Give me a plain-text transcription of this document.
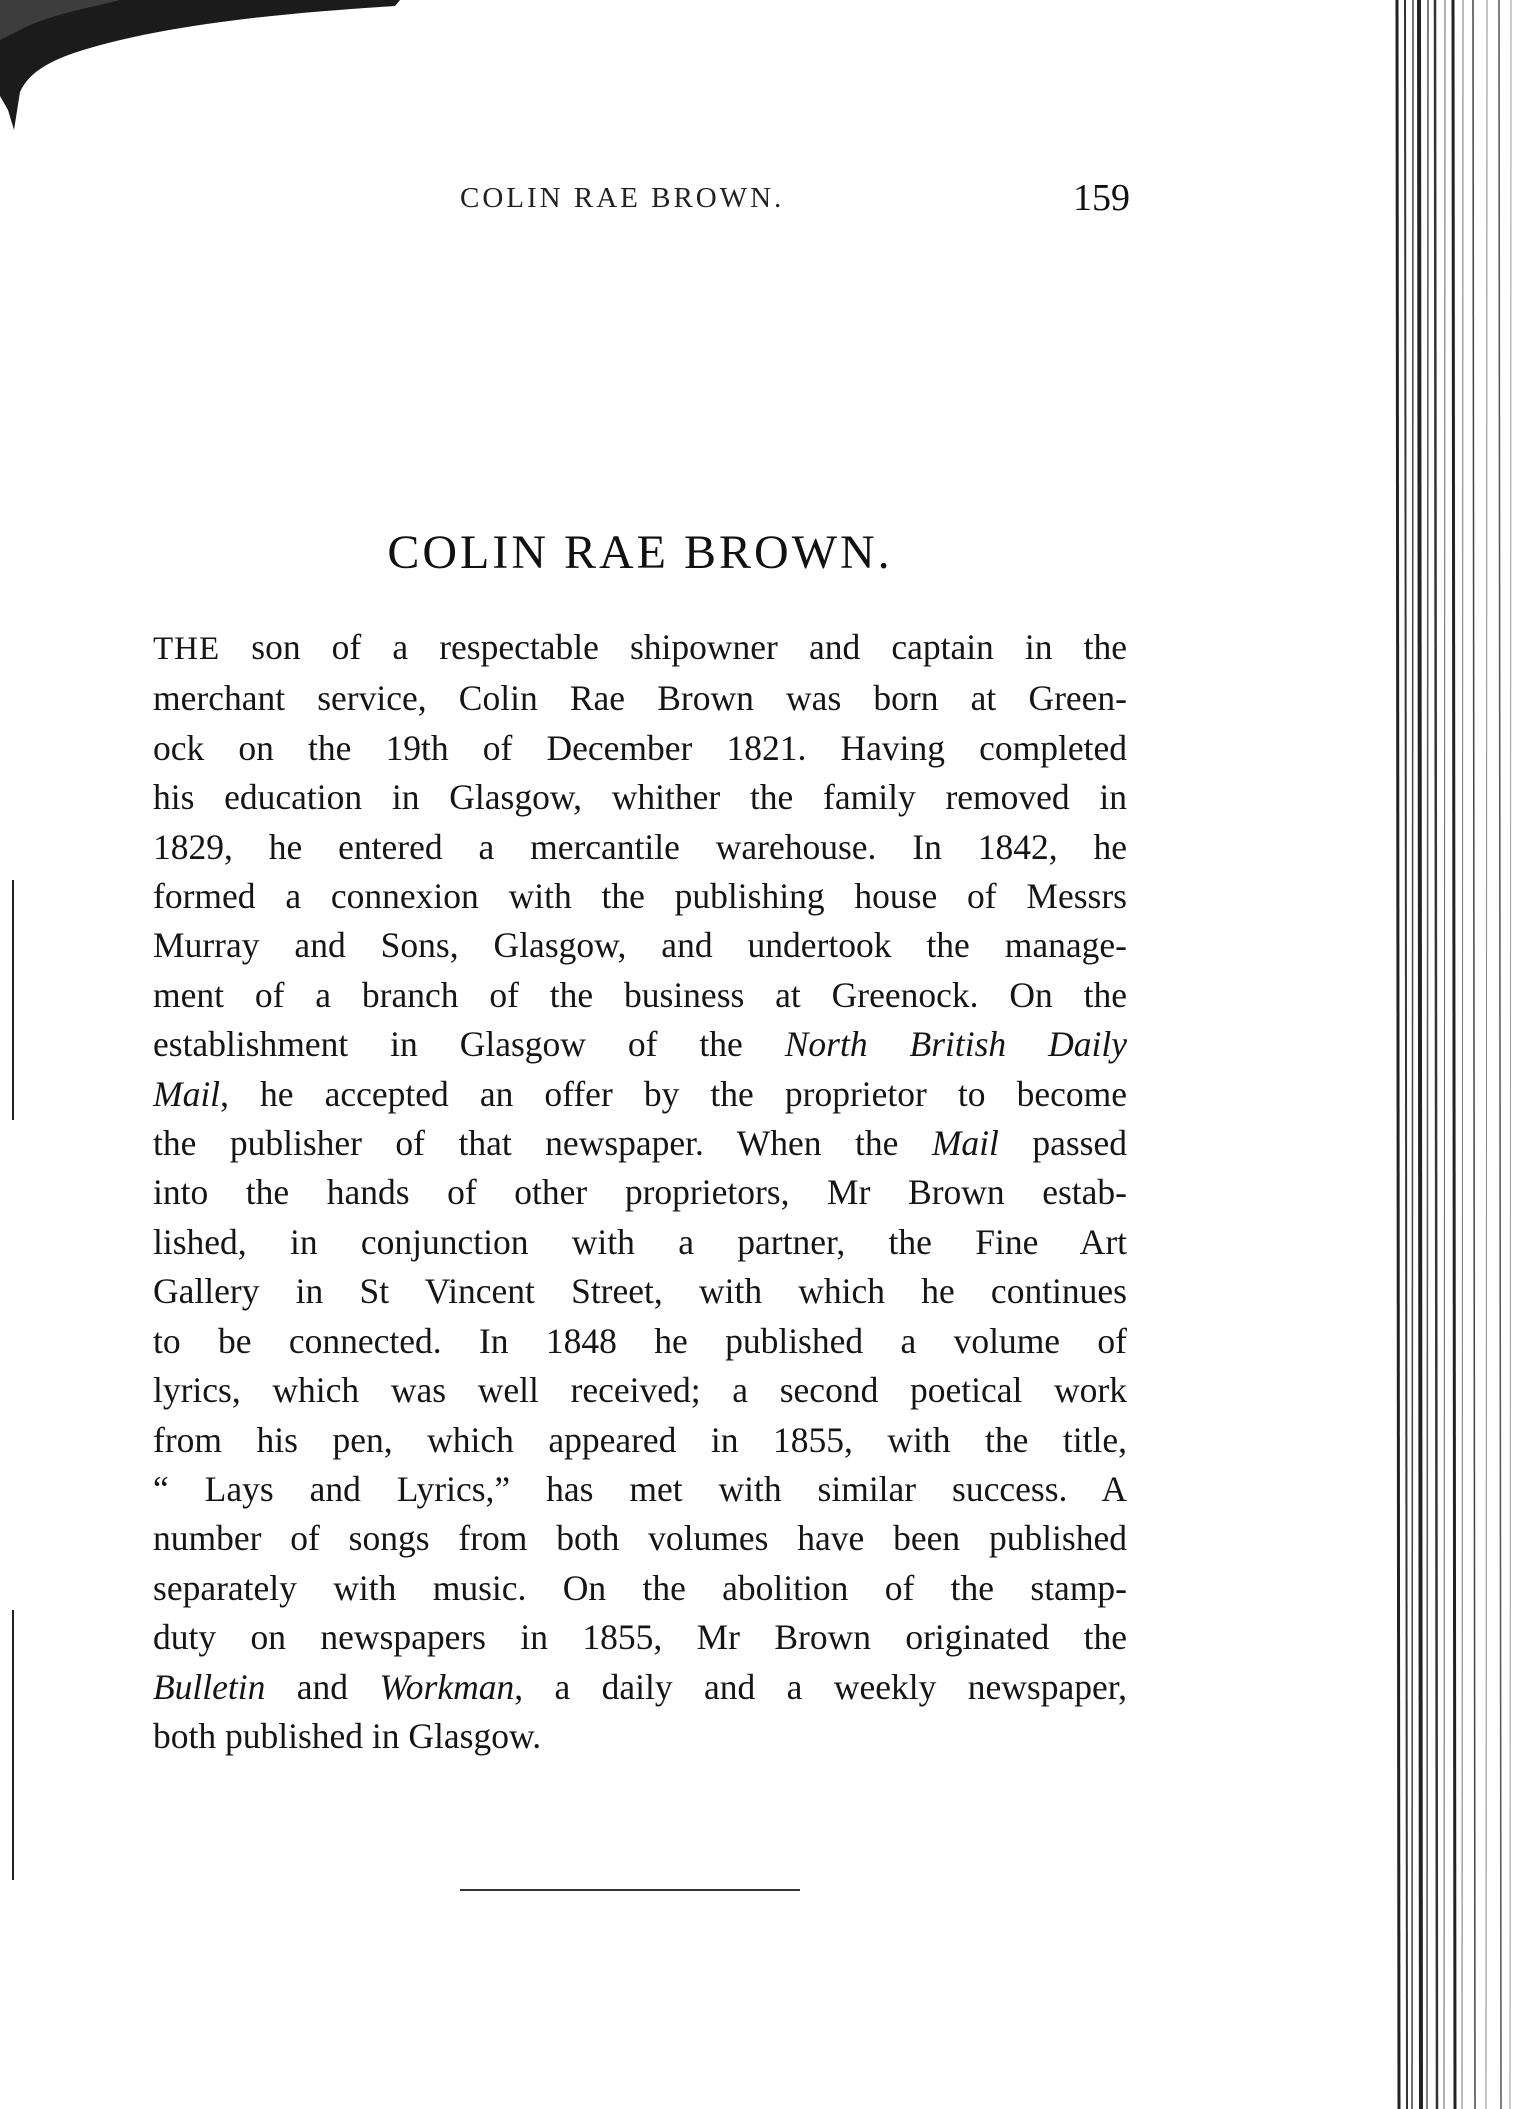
COLIN RAE BROWN.	159
COLIN RAE BROWN.
THE son of a respectable shipowner and captain in the
merchant service, Colin Rae Brown was born at Green-
ock on the 19th of December 1821. Having completed
his education in Glasgow, whither the family removed in
1829, he entered a mercantile warehouse. In 1842, he
formed a connexion with the publishing house of Messrs
Murray and Sons, Glasgow, and undertook the manage-
ment of a branch of the business at Greenock. On the
establishment in Glasgow of the North British Daily
Mail, he accepted an offer by the proprietor to become
the publisher of that newspaper. When the Mail passed
into the hands of other proprietors, Mr Brown estab-
lished, in conjunction with a partner, the Fine Art
Gallery in St Vincent Street, with which he continues
to be connected. In 1848 he published a volume of
lyrics, which was well received; a second poetical work
from his pen, which appeared in 1855, with the title,
“ Lays and Lyrics,” has met with similar success. A
number of songs from both volumes have been published
separately with music. On the abolition of the stamp-
duty on newspapers in 1855, Mr Brown originated the
Bulletin and Workman, a daily and a weekly newspaper,
both published in Glasgow.
